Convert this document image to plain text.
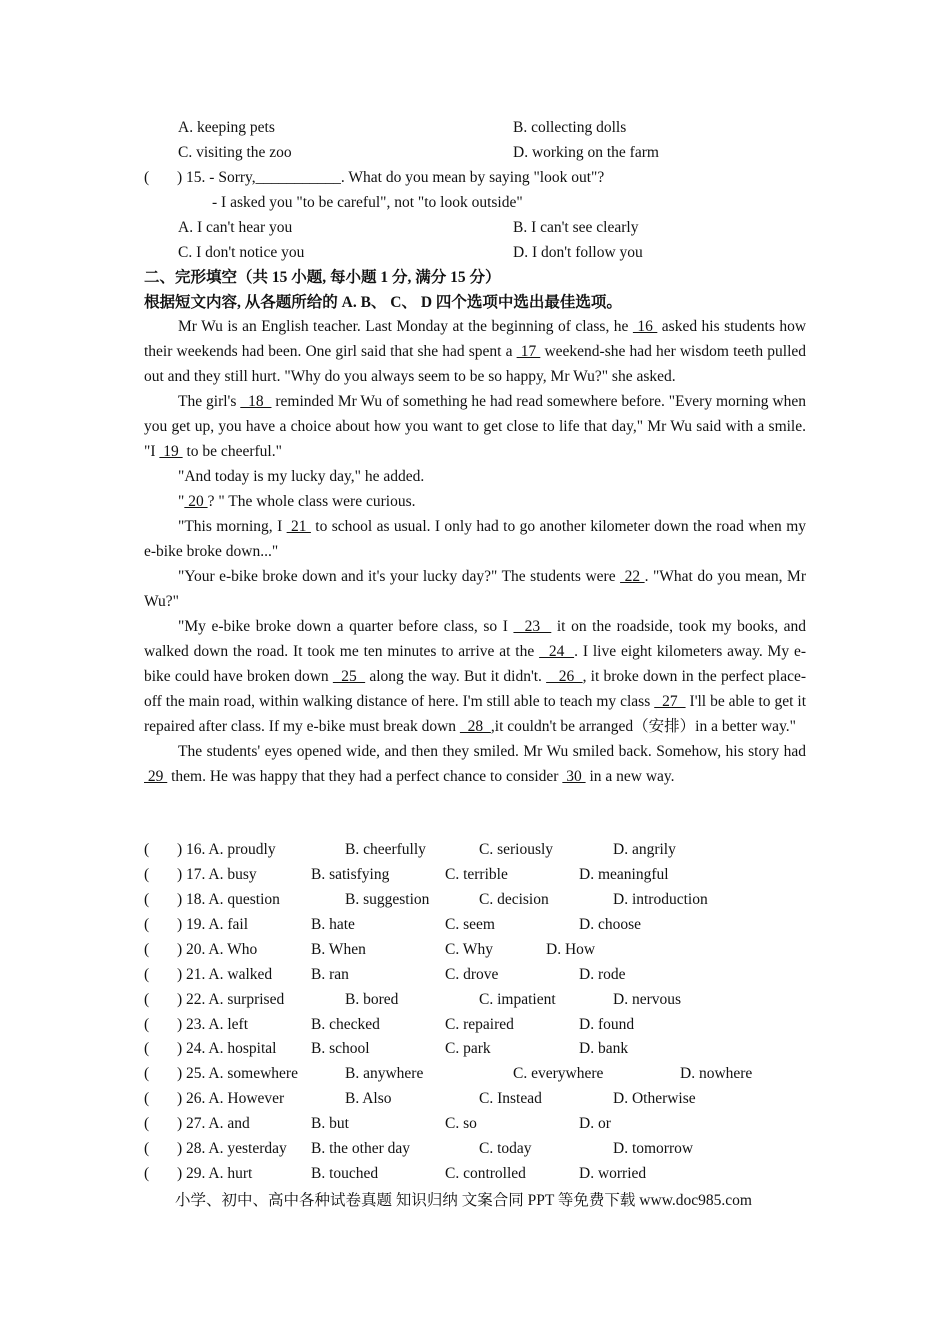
A. keeping pets	B. collecting dolls
C. visiting the zoo	D. working on the farm
( ) 15. - Sorry,___________. What do you mean by saying "look out"?
- I asked you "to be careful", not "to look outside"
A. I can't hear you	B. I can't see clearly
C. I don't notice you	D. I don't follow you
二、完形填空（共 15 小题, 每小题 1 分, 满分 15 分）
根据短文内容, 从各题所给的 A. B、 C、 D 四个选项中选出最佳选项。

Mr Wu is an English teacher. Last Monday at the beginning of class, he  16  asked his students how their weekends had been. One girl said that she had spent a  17  weekend-she had her wisdom teeth pulled out and they still hurt. "Why do you always seem to be so happy, Mr Wu?" she asked.

The girl's   18   reminded Mr Wu of something he had read somewhere before. "Every morning when you get up, you have a choice about how you want to get close to life that day," Mr Wu said with a smile. "I  19  to be cheerful."

"And today is my lucky day," he added.

" 20 ? " The whole class were curious.

"This morning, I  21  to school as usual. I only had to go another kilometer down the road when my e-bike broke down..."

"Your e-bike broke down and it's your lucky day?" The students were  22 . "What do you mean, Mr Wu?"

"My e-bike broke down a quarter before class, so I   23   it on the roadside, took my books, and walked down the road. It took me ten minutes to arrive at the   24  . I live eight kilometers away. My e-bike could have broken down   25   along the way. But it didn't.    26  , it broke down in the perfect place-off the main road, within walking distance of here. I'm still able to teach my class   27   I'll be able to get it repaired after class. If my e-bike must break down   28  ,it couldn't be arranged（安排）in a better way."

The students' eyes opened wide, and then they smiled. Mr Wu smiled back. Somehow, his story had  29  them. He was happy that they had a perfect chance to consider  30  in a new way.

( ) 16. A. proudly	B. cheerfully	C. seriously	D. angrily
( ) 17. A. busy	B. satisfying	C. terrible	D. meaningful
( ) 18. A. question	B. suggestion	C. decision	D. introduction
( ) 19. A. fail	B. hate	C. seem	D. choose
( ) 20. A. Who	B. When	C. Why	D. How
( ) 21. A. walked	B. ran	C. drove	D. rode
( ) 22. A. surprised	B. bored	C. impatient	D. nervous
( ) 23. A. left	B. checked	C. repaired	D. found
( ) 24. A. hospital B. school	C. park	D. bank
( ) 25. A. somewhere	B. anywhere	C. everywhere	D. nowhere
( ) 26. A. However	B. Also	C. Instead	D. Otherwise
( ) 27. A. and	B. but	C. so	D. or
( ) 28. A. yesterday B. the other day	C. today	D. tomorrow
( ) 29. A. hurt	B. touched	C. controlled	D. worried
小学、初中、高中各种试卷真题 知识归纳 文案合同 PPT 等免费下载 www.doc985.com
